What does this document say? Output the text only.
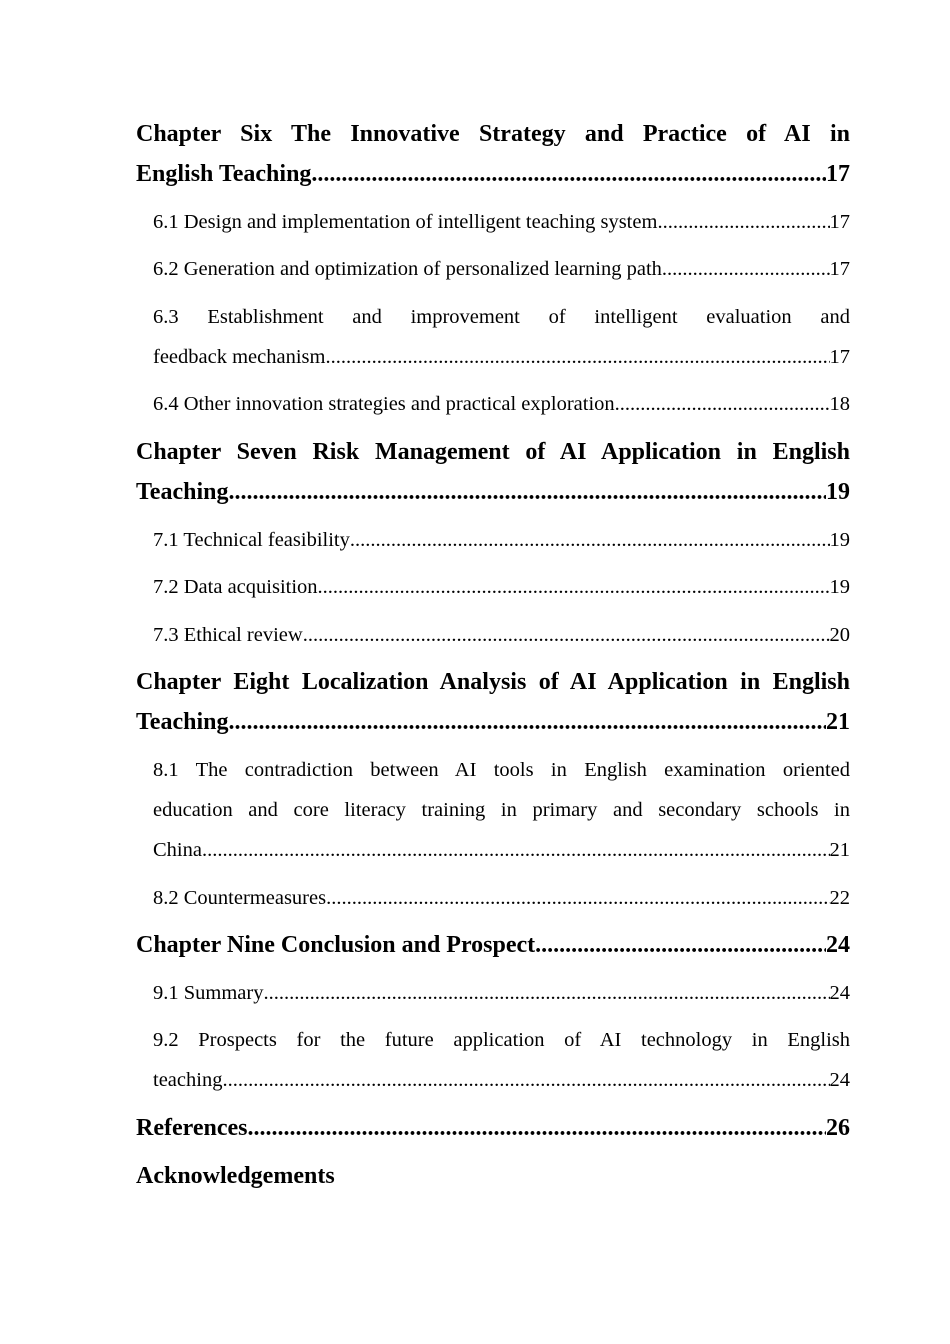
Chapter Six The Innovative Strategy and Practice of AI in
English Teaching .....	17
6.1 Design and implementation of intelligent teaching system .....	17
6.2 Generation and optimization of personalized learning path .....	17
6.3 Establishment and improvement of intelligent evaluation and
feedback mechanism .....	17
6.4 Other innovation strategies and practical exploration .....	18
Chapter Seven Risk Management of AI Application in English
Teaching .....	19
7.1 Technical feasibility .....	19
7.2 Data acquisition .....	19
7.3 Ethical review .....	20
Chapter Eight Localization Analysis of AI Application in English
Teaching .....	21
8.1 The contradiction between AI tools in English examination oriented
education and core literacy training in primary and secondary schools in
China .....	21
8.2 Countermeasures .....	22
Chapter Nine Conclusion and Prospect .....	24
9.1 Summary .....	24
9.2 Prospects for the future application of AI technology in English
teaching .....	24
References .....	26
Acknowledgements
